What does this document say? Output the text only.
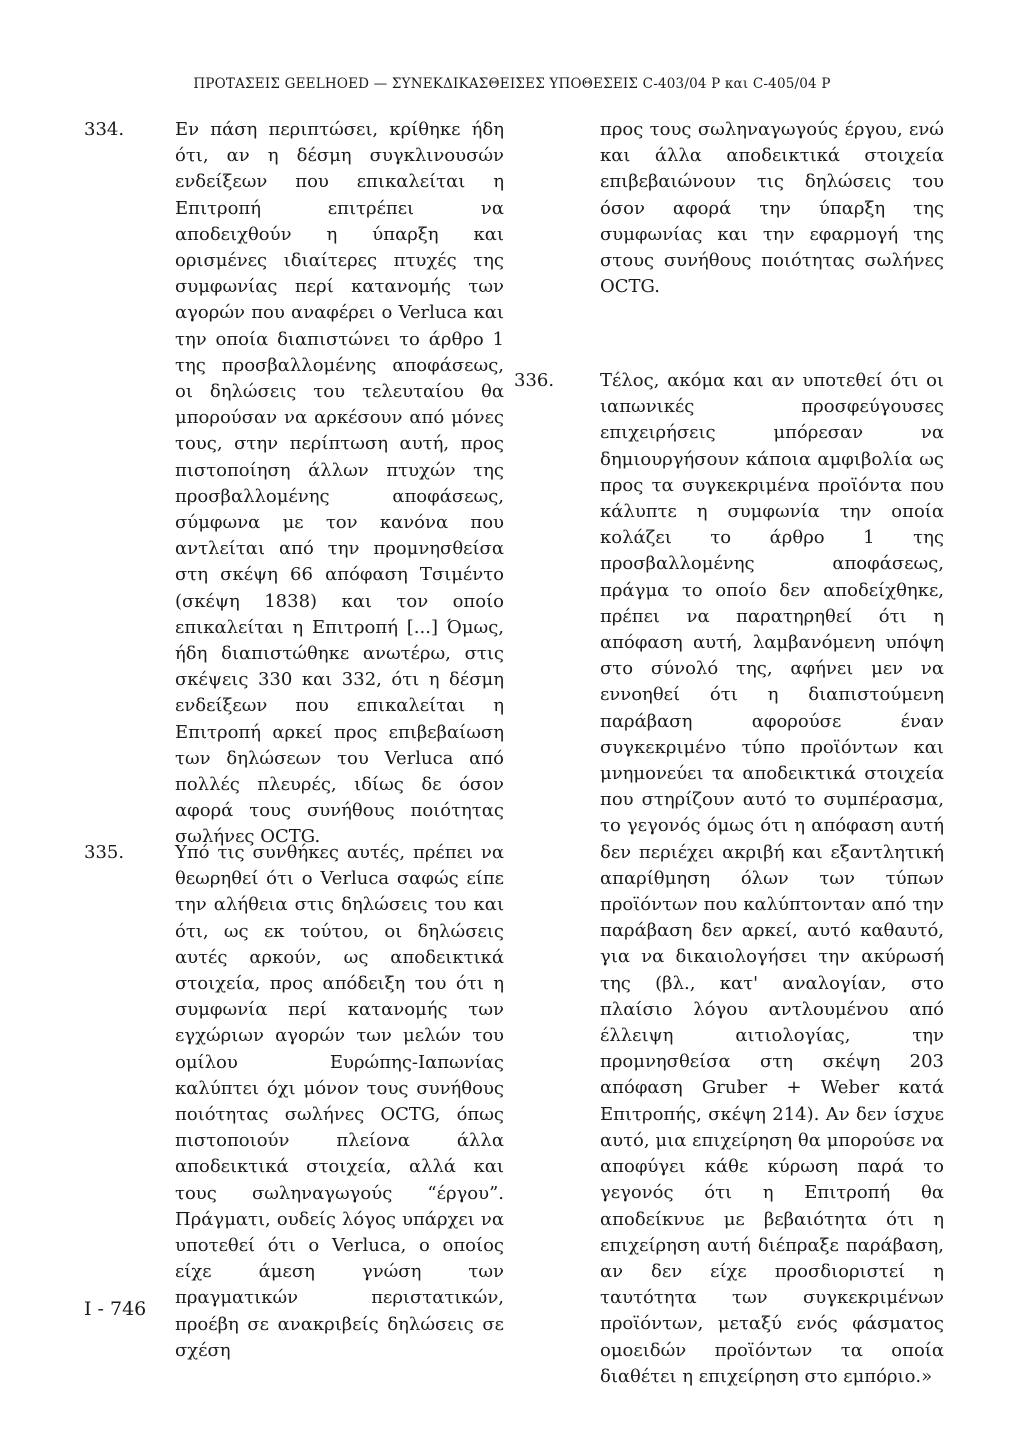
ΠΡΟΤΑΣΕΙΣ GEELHOED — ΣΥΝΕΚΔΙΚΑΣΘΕΙΣΕΣ ΥΠΟΘΕΣΕΙΣ C-403/04 P και C-405/04 P
334.	Εν πάση περιπτώσει, κρίθηκε ήδη ότι, αν η δέσμη συγκλινουσών ενδείξεων που επικαλείται η Επιτροπή επιτρέπει να αποδειχθούν η ύπαρξη και ορισμένες ιδιαίτερες πτυχές της συμφωνίας περί κατανομής των αγορών που αναφέρει ο Verluca και την οποία διαπιστώνει το άρθρο 1 της προσβαλλομένης αποφάσεως, οι δηλώσεις του τελευταίου θα μπορούσαν να αρκέσουν από μόνες τους, στην περίπτωση αυτή, προς πιστοποίηση άλλων πτυχών της προσβαλλομένης αποφάσεως, σύμφωνα με τον κανόνα που αντλείται από την προμνησθείσα στη σκέψη 66 απόφαση Τσιμέντο (σκέψη 1838) και τον οποίο επικαλείται η Επιτροπή [...] Όμως, ήδη διαπιστώθηκε ανωτέρω, στις σκέψεις 330 και 332, ότι η δέσμη ενδείξεων που επικαλείται η Επιτροπή αρκεί προς επιβεβαίωση των δηλώσεων του Verluca από πολλές πλευρές, ιδίως δε όσον αφορά τους συνήθους ποιότητας σωλήνες OCTG.
335.	Υπό τις συνθήκες αυτές, πρέπει να θεωρηθεί ότι ο Verluca σαφώς είπε την αλήθεια στις δηλώσεις του και ότι, ως εκ τούτου, οι δηλώσεις αυτές αρκούν, ως αποδεικτικά στοιχεία, προς απόδειξη του ότι η συμφωνία περί κατανομής των εγχώριων αγορών των μελών του ομίλου Ευρώπης-Ιαπωνίας καλύπτει όχι μόνον τους συνήθους ποιότητας σωλήνες OCTG, όπως πιστοποιούν πλείονα άλλα αποδεικτικά στοιχεία, αλλά και τους σωληναγωγούς “έργου”. Πράγματι, ουδείς λόγος υπάρχει να υποτεθεί ότι ο Verluca, ο οποίος είχε άμεση γνώση των πραγματικών περιστατικών, προέβη σε ανακριβείς δηλώσεις σε σχέση
προς τους σωληναγωγούς έργου, ενώ και άλλα αποδεικτικά στοιχεία επιβεβαιώνουν τις δηλώσεις του όσον αφορά την ύπαρξη της συμφωνίας και την εφαρμογή της στους συνήθους ποιότητας σωλήνες OCTG.
336.	Τέλος, ακόμα και αν υποτεθεί ότι οι ιαπωνικές προσφεύγουσες επιχειρήσεις μπόρεσαν να δημιουργήσουν κάποια αμφιβολία ως προς τα συγκεκριμένα προϊόντα που κάλυπτε η συμφωνία την οποία κολάζει το άρθρο 1 της προσβαλλομένης αποφάσεως, πράγμα το οποίο δεν αποδείχθηκε, πρέπει να παρατηρηθεί ότι η απόφαση αυτή, λαμβανόμενη υπόψη στο σύνολό της, αφήνει μεν να εννοηθεί ότι η διαπιστούμενη παράβαση αφορούσε έναν συγκεκριμένο τύπο προϊόντων και μνημονεύει τα αποδεικτικά στοιχεία που στηρίζουν αυτό το συμπέρασμα, το γεγονός όμως ότι η απόφαση αυτή δεν περιέχει ακριβή και εξαντλητική απαρίθμηση όλων των τύπων προϊόντων που καλύπτονταν από την παράβαση δεν αρκεί, αυτό καθαυτό, για να δικαιολογήσει την ακύρωσή της (βλ., κατ' αναλογίαν, στο πλαίσιο λόγου αντλουμένου από έλλειψη αιτιολογίας, την προμνησθείσα στη σκέψη 203 απόφαση Gruber + Weber κατά Επιτροπής, σκέψη 214). Αν δεν ίσχυε αυτό, μια επιχείρηση θα μπορούσε να αποφύγει κάθε κύρωση παρά το γεγονός ότι η Επιτροπή θα αποδείκνυε με βεβαιότητα ότι η επιχείρηση αυτή διέπραξε παράβαση, αν δεν είχε προσδιοριστεί η ταυτότητα των συγκεκριμένων προϊόντων, μεταξύ ενός φάσματος ομοειδών προϊόντων τα οποία διαθέτει η επιχείρηση στο εμπόριο.»
I - 746
